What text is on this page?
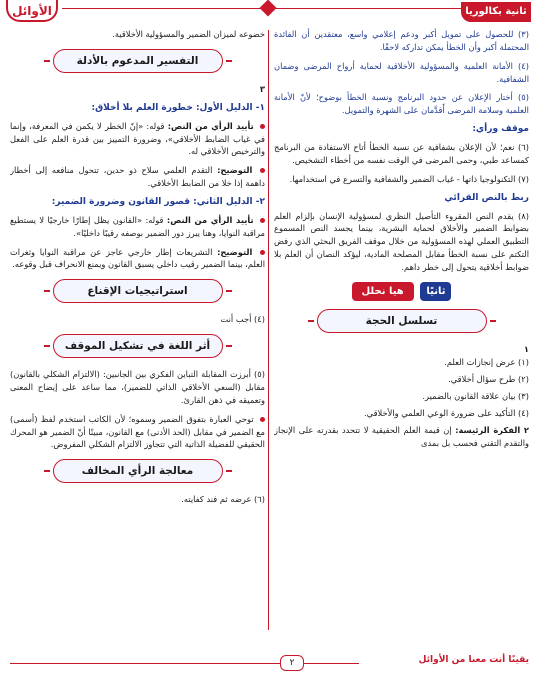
ثانية بكالوريا
الأوائل

(٣) للحصول على تمويل أكبر ودعم إعلامي واسع، معتقدين أن الفائدة المحتملة أكبر وأن الخطأ يمكن تداركه لاحقًا.

(٤) الأمانة العلمية والمسؤولية الأخلاقية لحماية أرواح المرضى وضمان الشفافية.

(٥) أختار الإعلان عن حدود البرنامج ونسبة الخطأ بوضوح؛ لأنّ الأمانة العلمية وسلامة المرضى أَقدَّمان على الشهرة والتمويل.

موقف ورأي:

(٦) نعم؛ لأن الإعلان بشفافية عن نسبة الخطأ أتاح الاستفادة من البرنامج كمساعد طبي، وحمى المرضى في الوقت نفسه من أخطاء التشخيص.

(٧) التكنولوجيا ذاتها - غياب الضمير والشفافية والتسرع في استخدامها.

ربط بالنص القرائي

(٨) يقدم النص المقروء التأصيل النظري لمسؤولية الإنسان بإلزام العلم بضوابط الضمير والأخلاق لحماية البشرية، بينما يجسد النص المسموع التطبيق العملي لهذه المسؤولية من خلال موقف الفريق البحثي الذي رفض التكتم على نسبة الخطأ مقابل المصلحة المادية، ليؤكد النصان أن العلم بلا ضوابط أخلاقية يتحول إلى خطر داهم.

ثانيًا هيا نحلل
تسلسل الحجة
١
(١) عرض إنجازات العلم.
(٢) طرح سؤال أخلاقي.
(٣) بيان علاقة القانون بالضمير.
(٤) التأكيد على ضرورة الوعي العلمي والأخلاقي.

٢ الفكرة الرئيسة: إن قيمة العلم الحقيقية لا تتحدد بقدرته على الإنجاز والتقدم التقني فحسب بل بمدى

خضوعه لميزان الضمير والمسؤولية الأخلاقية.

التفسير المدعوم بالأدلة
٣
١- الدليل الأول: خطورة العلم بلا أخلاق:

تأييد الرأي من النص: قوله: «إنّ الخطر لا يكمن في المعرفة، وإنما في غياب الضابط الأخلاقي»، وضرورة التمييز بين قدرة العلم على الفعل والترخيص الأخلاقي له.

التوضيح: التقدم العلمي سلاح ذو حدين، تتحول منافعه إلى أخطار داهمة إذا خلا من الضابط الأخلاقي.

٢- الدليل الثاني: قصور القانون وضرورة الضمير:

تأييد الرأي من النص: قوله: «القانون يظل إطارًا خارجيًا لا يستطيع مراقبة النوايا، وهنا يبرز دور الضمير بوصفه رقيبًا داخليًا».

التوضيح: التشريعات إطار خارجي عاجز عن مراقبة النوايا وثغرات العلم، بينما الضمير رقيب داخلي يسبق القانون ويمنع الانحراف قبل وقوعه.

استراتيجيات الإقناع

(٤) أجب أنت

أثر اللغة في تشكيل الموقف

(٥) أبرزت المقابلة التباين الفكري بين الجانبين: (الالتزام الشكلي بالقانون) مقابل (السعي الأخلاقي الذاتي للضمير)، مما ساعد على إيضاح المعنى وتعميقه في ذهن القارئ.

توحي العبارة بتفوق الضمير وسموه؛ لأن الكاتب استخدم لفظ (أسمى) مع الضمير في مقابل (الحد الأدنى) مع القانون، مبينًا أنّ الضمير هو المحرك الحقيقي للفضيلة الذاتية التي تتجاوز الالتزام الشكلي المفروض.

معالجة الرأي المخالف

(٦) عرضه ثم فند كفايته.

٢	يقينًا أنت معنا من الأوائل
